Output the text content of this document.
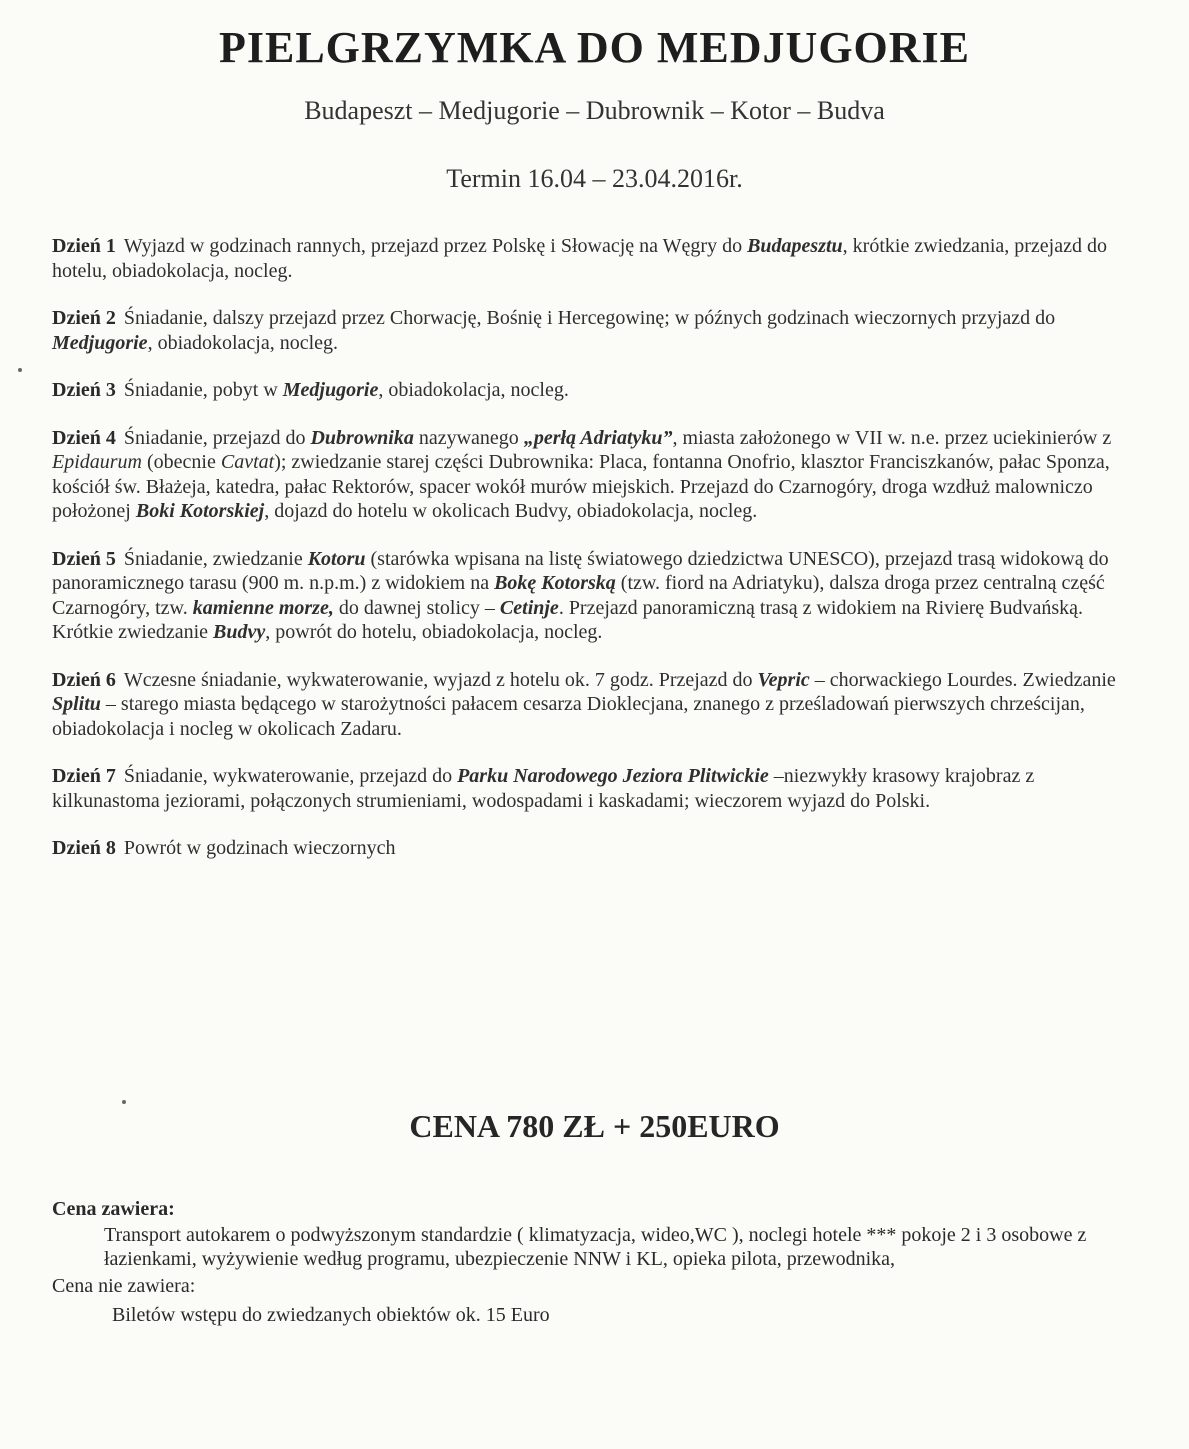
PIELGRZYMKA DO MEDJUGORIE
Budapeszt – Medjugorie – Dubrownik – Kotor – Budva
Termin 16.04 – 23.04.2016r.
Dzień 1 Wyjazd w godzinach rannych, przejazd przez Polskę i Słowację na Węgry do Budapesztu, krótkie zwiedzania, przejazd do hotelu, obiadokolacja, nocleg.
Dzień 2 Śniadanie, dalszy przejazd przez Chorwację, Bośnię i Hercegowinę; w późnych godzinach wieczornych przyjazd do Medjugorie, obiadokolacja, nocleg.
Dzień 3 Śniadanie, pobyt w Medjugorie, obiadokolacja, nocleg.
Dzień 4 Śniadanie, przejazd do Dubrownika nazywanego „perłą Adriatyku”, miasta założonego w VII w. n.e. przez uciekinierów z Epidaurum (obecnie Cavtat); zwiedzanie starej części Dubrownika: Placa, fontanna Onofrio, klasztor Franciszkanów, pałac Sponza, kościół św. Błażeja, katedra, pałac Rektorów, spacer wokół murów miejskich. Przejazd do Czarnogóry, droga wzdłuż malowniczo położonej Boki Kotorskiej, dojazd do hotelu w okolicach Budvy, obiadokolacja, nocleg.
Dzień 5 Śniadanie, zwiedzanie Kotoru (starówka wpisana na listę światowego dziedzictwa UNESCO), przejazd trasą widokową do panoramicznego tarasu (900 m. n.p.m.) z widokiem na Bokę Kotorską (tzw. fiord na Adriatyku), dalsza droga przez centralną część Czarnogóry, tzw. kamienne morze, do dawnej stolicy – Cetinje. Przejazd panoramiczną trasą z widokiem na Rivierę Budvańską. Krótkie zwiedzanie Budvy, powrót do hotelu, obiadokolacja, nocleg.
Dzień 6 Wczesne śniadanie, wykwaterowanie, wyjazd z hotelu ok. 7 godz. Przejazd do Vepric – chorwackiego Lourdes. Zwiedzanie Splitu – starego miasta będącego w starożytności pałacem cesarza Dioklecjana, znanego z prześladowań pierwszych chrześcijan, obiadokolacja i nocleg w okolicach Zadaru.
Dzień 7 Śniadanie, wykwaterowanie, przejazd do Parku Narodowego Jeziora Plitwickie –niezwykły krasowy krajobraz z kilkunastoma jeziorami, połączonych strumieniami, wodospadami i kaskadami; wieczorem wyjazd do Polski.
Dzień 8 Powrót w godzinach wieczornych
CENA 780 ZŁ + 250EURO
Cena zawiera:
Transport autokarem o podwyższonym standardzie ( klimatyzacja, wideo,WC ), noclegi hotele *** pokoje 2 i 3 osobowe z łazienkami, wyżywienie według programu, ubezpieczenie NNW i KL, opieka pilota, przewodnika,
Cena nie zawiera:
Biletów wstępu do zwiedzanych obiektów ok. 15 Euro
